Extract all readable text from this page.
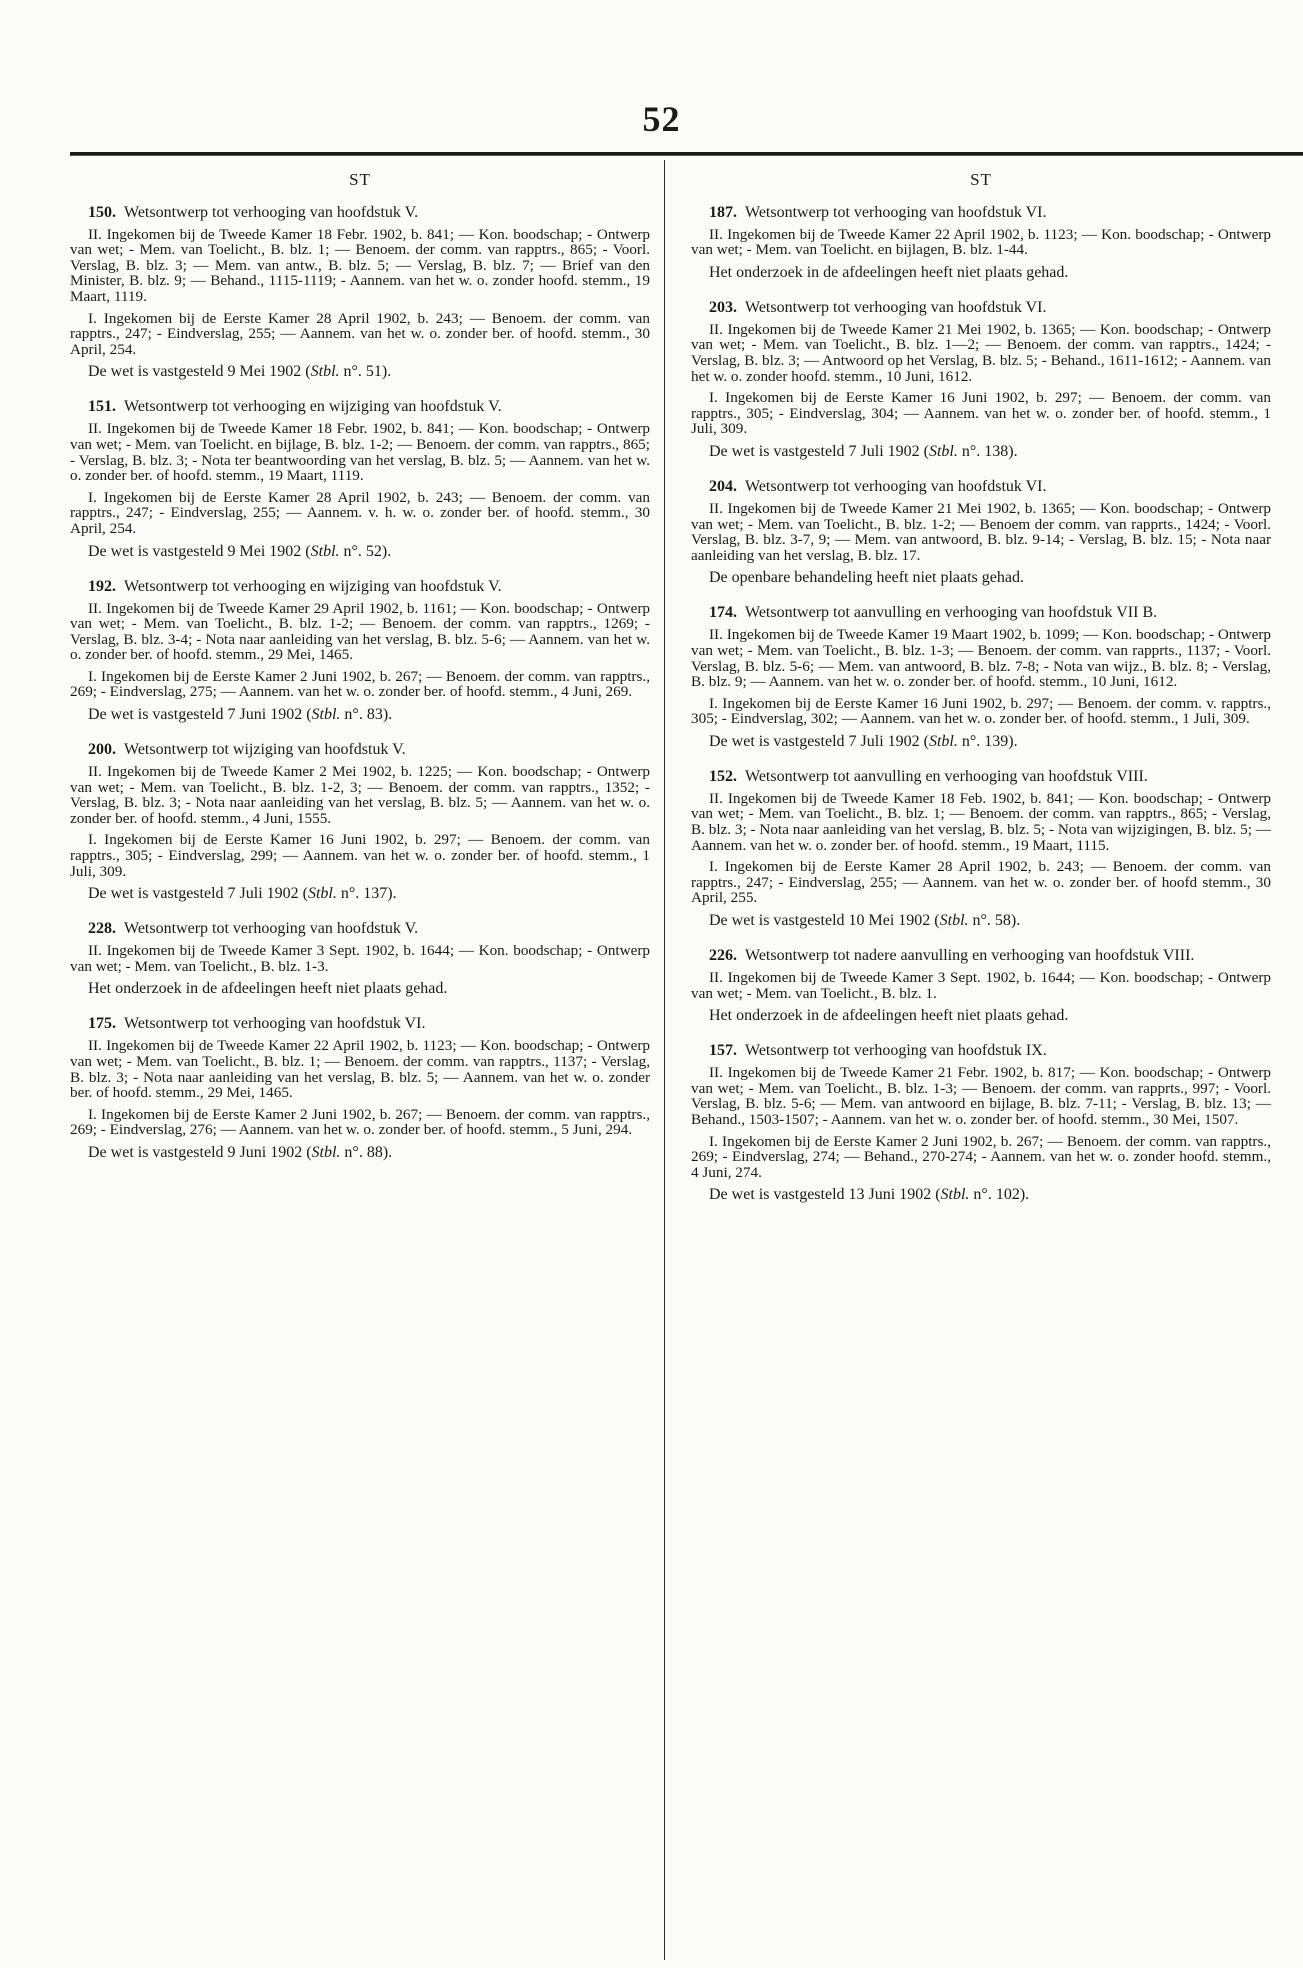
52
ST

150. Wetsontwerp tot verhooging van hoofdstuk V.

II. Ingekomen bij de Tweede Kamer 18 Febr. 1902, b. 841; — Kon. boodschap; - Ontwerp van wet; - Mem. van Toelicht., B. blz. 1; — Benoem. der comm. van rapptrs., 865; - Voorl. Verslag, B. blz. 3; — Mem. van antw., B. blz. 5; — Verslag, B. blz. 7; — Brief van den Minister, B. blz. 9; — Behand., 1115-1119; - Aannem. van het w. o. zonder hoofd. stemm., 19 Maart, 1119.

I. Ingekomen bij de Eerste Kamer 28 April 1902, b. 243; — Benoem. der comm. van rapptrs., 247; - Eindverslag, 255; — Aannem. van het w. o. zonder ber. of hoofd. stemm., 30 April, 254.

De wet is vastgesteld 9 Mei 1902 (Stbl. n°. 51).

151. Wetsontwerp tot verhooging en wijziging van hoofdstuk V.

II. Ingekomen bij de Tweede Kamer 18 Febr. 1902, b. 841; — Kon. boodschap; - Ontwerp van wet; - Mem. van Toelicht. en bijlage, B. blz. 1-2; — Benoem. der comm. van rapptrs., 865; - Verslag, B. blz. 3; - Nota ter beantwoording van het verslag, B. blz. 5; — Aannem. van het w. o. zonder ber. of hoofd. stemm., 19 Maart, 1119.

I. Ingekomen bij de Eerste Kamer 28 April 1902, b. 243; — Benoem. der comm. van rapptrs., 247; - Eindverslag, 255; — Aannem. v. h. w. o. zonder ber. of hoofd. stemm., 30 April, 254.

De wet is vastgesteld 9 Mei 1902 (Stbl. n°. 52).

192. Wetsontwerp tot verhooging en wijziging van hoofdstuk V.

II. Ingekomen bij de Tweede Kamer 29 April 1902, b. 1161; — Kon. boodschap; - Ontwerp van wet; - Mem. van Toelicht., B. blz. 1-2; — Benoem. der comm. van rapptrs., 1269; - Verslag, B. blz. 3-4; - Nota naar aanleiding van het verslag, B. blz. 5-6; — Aannem. van het w. o. zonder ber. of hoofd. stemm., 29 Mei, 1465.

I. Ingekomen bij de Eerste Kamer 2 Juni 1902, b. 267; — Benoem. der comm. van rapptrs., 269; - Eindverslag, 275; — Aannem. van het w. o. zonder ber. of hoofd. stemm., 4 Juni, 269.

De wet is vastgesteld 7 Juni 1902 (Stbl. n°. 83).

200. Wetsontwerp tot wijziging van hoofdstuk V.

II. Ingekomen bij de Tweede Kamer 2 Mei 1902, b. 1225; — Kon. boodschap; - Ontwerp van wet; - Mem. van Toelicht., B. blz. 1-2, 3; — Benoem. der comm. van rapptrs., 1352; - Verslag, B. blz. 3; - Nota naar aanleiding van het verslag, B. blz. 5; — Aannem. van het w. o. zonder ber. of hoofd. stemm., 4 Juni, 1555.

I. Ingekomen bij de Eerste Kamer 16 Juni 1902, b. 297; — Benoem. der comm. van rapptrs., 305; - Eindverslag, 299; — Aannem. van het w. o. zonder ber. of hoofd. stemm., 1 Juli, 309.

De wet is vastgesteld 7 Juli 1902 (Stbl. n°. 137).

228. Wetsontwerp tot verhooging van hoofdstuk V.

II. Ingekomen bij de Tweede Kamer 3 Sept. 1902, b. 1644; — Kon. boodschap; - Ontwerp van wet; - Mem. van Toelicht., B. blz. 1-3.

Het onderzoek in de afdeelingen heeft niet plaats gehad.

175. Wetsontwerp tot verhooging van hoofdstuk VI.

II. Ingekomen bij de Tweede Kamer 22 April 1902, b. 1123; — Kon. boodschap; - Ontwerp van wet; - Mem. van Toelicht., B. blz. 1; — Benoem. der comm. van rapptrs., 1137; - Verslag, B. blz. 3; - Nota naar aanleiding van het verslag, B. blz. 5; — Aannem. van het w. o. zonder ber. of hoofd. stemm., 29 Mei, 1465.

I. Ingekomen bij de Eerste Kamer 2 Juni 1902, b. 267; — Benoem. der comm. van rapptrs., 269; - Eindverslag, 276; — Aannem. van het w. o. zonder ber. of hoofd. stemm., 5 Juni, 294.

De wet is vastgesteld 9 Juni 1902 (Stbl. n°. 88).

ST

187. Wetsontwerp tot verhooging van hoofdstuk VI.

II. Ingekomen bij de Tweede Kamer 22 April 1902, b. 1123; — Kon. boodschap; - Ontwerp van wet; - Mem. van Toelicht. en bijlagen, B. blz. 1-44.

Het onderzoek in de afdeelingen heeft niet plaats gehad.

203. Wetsontwerp tot verhooging van hoofdstuk VI.

II. Ingekomen bij de Tweede Kamer 21 Mei 1902, b. 1365; — Kon. boodschap; - Ontwerp van wet; - Mem. van Toelicht., B. blz. 1—2; — Benoem. der comm. van rapptrs., 1424; - Verslag, B. blz. 3; — Antwoord op het Verslag, B. blz. 5; - Behand., 1611-1612; - Aannem. van het w. o. zonder hoofd. stemm., 10 Juni, 1612.

I. Ingekomen bij de Eerste Kamer 16 Juni 1902, b. 297; — Benoem. der comm. van rapptrs., 305; - Eindverslag, 304; — Aannem. van het w. o. zonder ber. of hoofd. stemm., 1 Juli, 309.

De wet is vastgesteld 7 Juli 1902 (Stbl. n°. 138).

204. Wetsontwerp tot verhooging van hoofdstuk VI.

II. Ingekomen bij de Tweede Kamer 21 Mei 1902, b. 1365; — Kon. boodschap; - Ontwerp van wet; - Mem. van Toelicht., B. blz. 1-2; — Benoem der comm. van rapprts., 1424; - Voorl. Verslag, B. blz. 3-7, 9; — Mem. van antwoord, B. blz. 9-14; - Verslag, B. blz. 15; - Nota naar aanleiding van het verslag, B. blz. 17.

De openbare behandeling heeft niet plaats gehad.

174. Wetsontwerp tot aanvulling en verhooging van hoofdstuk VII B.

II. Ingekomen bij de Tweede Kamer 19 Maart 1902, b. 1099; — Kon. boodschap; - Ontwerp van wet; - Mem. van Toelicht., B. blz. 1-3; — Benoem. der comm. van rapprts., 1137; - Voorl. Verslag, B. blz. 5-6; — Mem. van antwoord, B. blz. 7-8; - Nota van wijz., B. blz. 8; - Verslag, B. blz. 9; — Aannem. van het w. o. zonder ber. of hoofd. stemm., 10 Juni, 1612.

I. Ingekomen bij de Eerste Kamer 16 Juni 1902, b. 297; — Benoem. der comm. v. rapptrs., 305; - Eindverslag, 302; — Aannem. van het w. o. zonder ber. of hoofd. stemm., 1 Juli, 309.

De wet is vastgesteld 7 Juli 1902 (Stbl. n°. 139).

152. Wetsontwerp tot aanvulling en verhooging van hoofdstuk VIII.

II. Ingekomen bij de Tweede Kamer 18 Feb. 1902, b. 841; — Kon. boodschap; - Ontwerp van wet; - Mem. van Toelicht., B. blz. 1; — Benoem. der comm. van rapptrs., 865; - Verslag, B. blz. 3; - Nota naar aanleiding van het verslag, B. blz. 5; - Nota van wijzigingen, B. blz. 5; — Aannem. van het w. o. zonder ber. of hoofd. stemm., 19 Maart, 1115.

I. Ingekomen bij de Eerste Kamer 28 April 1902, b. 243; — Benoem. der comm. van rapptrs., 247; - Eindverslag, 255; — Aannem. van het w. o. zonder ber. of hoofd stemm., 30 April, 255.

De wet is vastgesteld 10 Mei 1902 (Stbl. n°. 58).

226. Wetsontwerp tot nadere aanvulling en verhooging van hoofdstuk VIII.

II. Ingekomen bij de Tweede Kamer 3 Sept. 1902, b. 1644; — Kon. boodschap; - Ontwerp van wet; - Mem. van Toelicht., B. blz. 1.

Het onderzoek in de afdeelingen heeft niet plaats gehad.

157. Wetsontwerp tot verhooging van hoofdstuk IX.

II. Ingekomen bij de Tweede Kamer 21 Febr. 1902, b. 817; — Kon. boodschap; - Ontwerp van wet; - Mem. van Toelicht., B. blz. 1-3; — Benoem. der comm. van rapprts., 997; - Voorl. Verslag, B. blz. 5-6; — Mem. van antwoord en bijlage, B. blz. 7-11; - Verslag, B. blz. 13; — Behand., 1503-1507; - Aannem. van het w. o. zonder ber. of hoofd. stemm., 30 Mei, 1507.

I. Ingekomen bij de Eerste Kamer 2 Juni 1902, b. 267; — Benoem. der comm. van rapptrs., 269; - Eindverslag, 274; — Behand., 270-274; - Aannem. van het w. o. zonder hoofd. stemm., 4 Juni, 274.

De wet is vastgesteld 13 Juni 1902 (Stbl. n°. 102).
